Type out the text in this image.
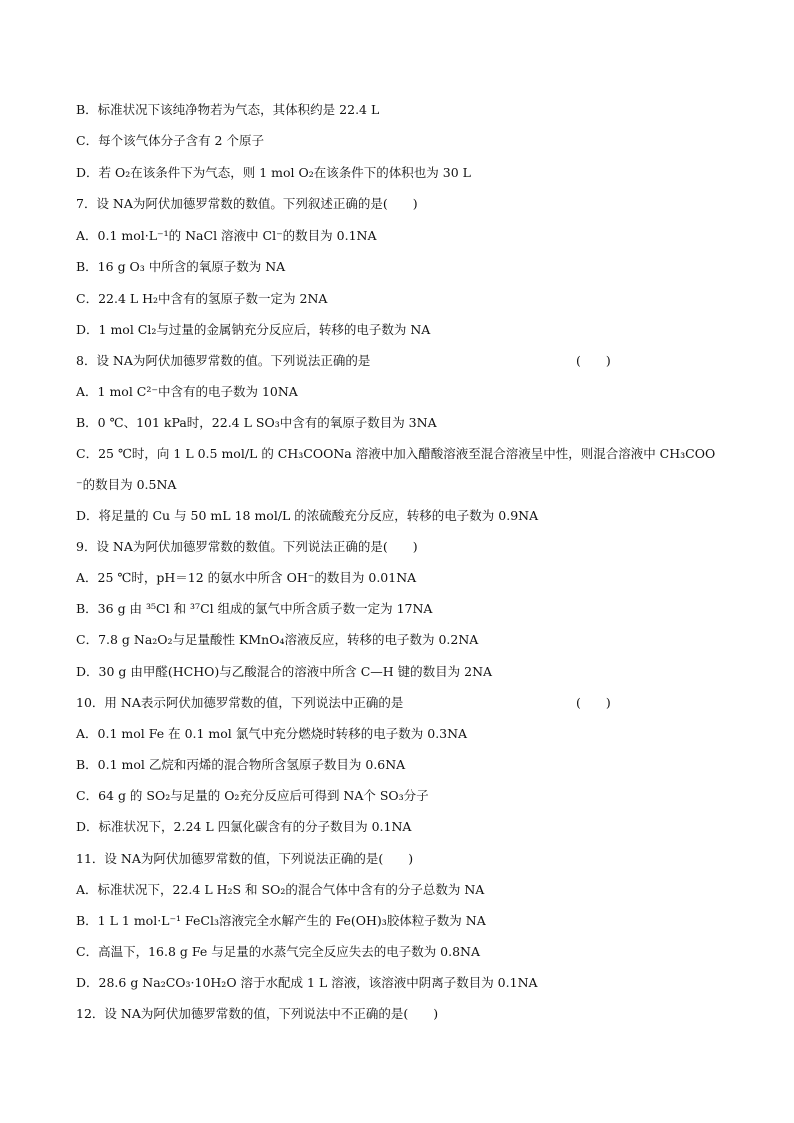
B．标准状况下该纯净物若为气态，其体积约是 22.4 L
C．每个该气体分子含有 2 个原子
D．若 O₂在该条件下为气态，则 1 mol O₂在该条件下的体积也为 30 L
7．设 NA为阿伏加德罗常数的数值。下列叙述正确的是(　　)
A．0.1 mol·L⁻¹的 NaCl 溶液中 Cl⁻的数目为 0.1NA
B．16 g O₃ 中所含的氧原子数为 NA
C．22.4 L H₂中含有的氢原子数一定为 2NA
D．1 mol Cl₂与过量的金属钠充分反应后，转移的电子数为 NA
8．设 NA为阿伏加德罗常数的值。下列说法正确的是	(　　)
A．1 mol C²⁻中含有的电子数为 10NA
B．0 ℃、101 kPa时，22.4 L SO₃中含有的氧原子数目为 3NA
C．25 ℃时，向 1 L 0.5 mol/L 的 CH₃COONa 溶液中加入醋酸溶液至混合溶液呈中性，则混合溶液中 CH₃COO
⁻的数目为 0.5NA
D．将足量的 Cu 与 50 mL 18 mol/L 的浓硫酸充分反应，转移的电子数为 0.9NA
9．设 NA为阿伏加德罗常数的数值。下列说法正确的是(　　)
A．25 ℃时，pH＝12 的氨水中所含 OH⁻的数目为 0.01NA
B．36 g 由 ³⁵Cl 和 ³⁷Cl 组成的氯气中所含质子数一定为 17NA
C．7.8 g Na₂O₂与足量酸性 KMnO₄溶液反应，转移的电子数为 0.2NA
D．30 g 由甲醛(HCHO)与乙酸混合的溶液中所含 C—H 键的数目为 2NA
10．用 NA表示阿伏加德罗常数的值，下列说法中正确的是	(　　)
A．0.1 mol Fe 在 0.1 mol 氯气中充分燃烧时转移的电子数为 0.3NA
B．0.1 mol 乙烷和丙烯的混合物所含氢原子数目为 0.6NA
C．64 g 的 SO₂与足量的 O₂充分反应后可得到 NA个 SO₃分子
D．标准状况下，2.24 L 四氯化碳含有的分子数目为 0.1NA
11．设 NA为阿伏加德罗常数的值，下列说法正确的是(　　)
A．标准状况下，22.4 L H₂S 和 SO₂的混合气体中含有的分子总数为 NA
B．1 L 1 mol·L⁻¹ FeCl₃溶液完全水解产生的 Fe(OH)₃胶体粒子数为 NA
C．高温下，16.8 g Fe 与足量的水蒸气完全反应失去的电子数为 0.8NA
D．28.6 g Na₂CO₃·10H₂O 溶于水配成 1 L 溶液，该溶液中阴离子数目为 0.1NA
12．设 NA为阿伏加德罗常数的值，下列说法中不正确的是(　　)
